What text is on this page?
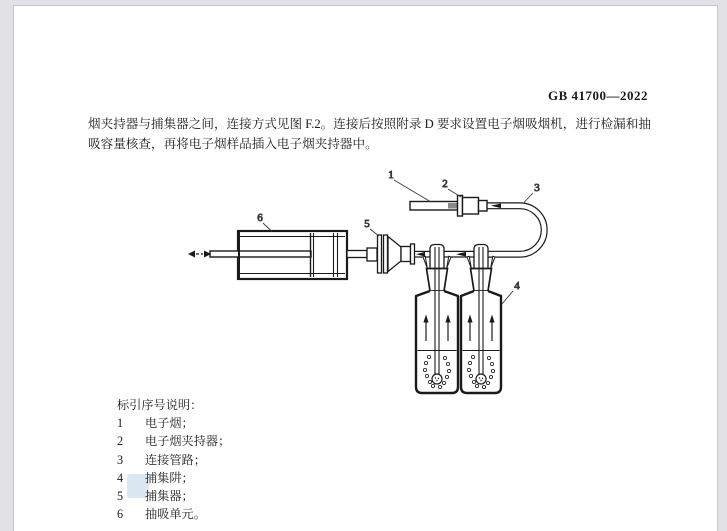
GB 41700—2022
烟夹持器与捕集器之间，连接方式见图 F.2。连接后按照附录 D 要求设置电子烟吸烟机，进行检漏和抽
吸容量核查，再将电子烟样品插入电子烟夹持器中。
1
2	3
4
5
6
标引序号说明：
1 电子烟；
2 电子烟夹持器；
3 连接管路；
4 捕集阱；
5 捕集器；
6 抽吸单元。
